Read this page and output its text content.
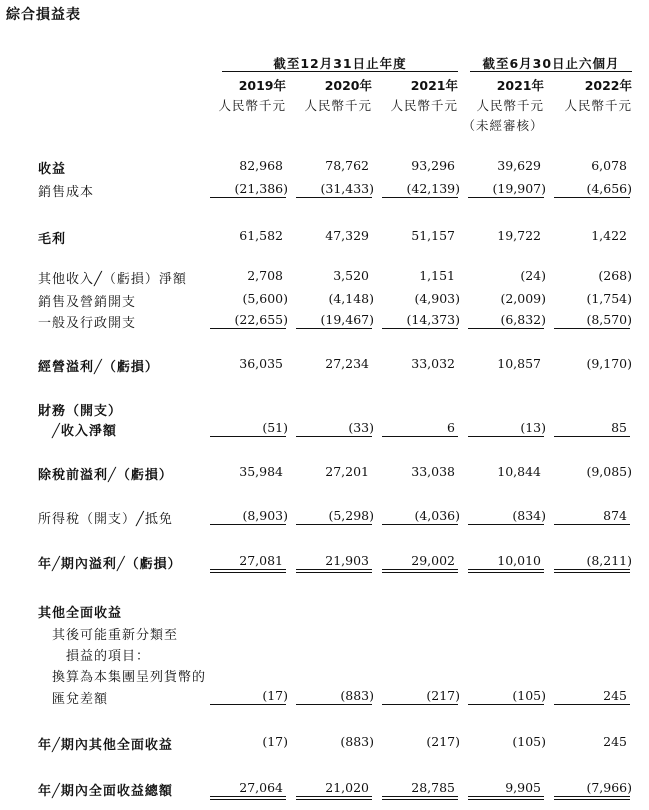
綜合損益表
截至12月31日止年度	截至6月30日止六個月
2019年	2020年	2021年	2021年	2022年
人民幣千元	人民幣千元	人民幣千元	人民幣千元	人民幣千元
（未經審核）
收益	82,968	78,762	93,296	39,629	6,078
銷售成本	(21,386)	(31,433)	(42,139)	(19,907)	(4,656)
毛利	61,582	47,329	51,157	19,722	1,422
其他收入╱（虧損）淨額	2,708	3,520	1,151	(24)	(268)
銷售及營銷開支	(5,600)	(4,148)	(4,903)	(2,009)	(1,754)
一般及行政開支	(22,655)	(19,467)	(14,373)	(6,832)	(8,570)
經營溢利╱（虧損）	36,035	27,234	33,032	10,857	(9,170)
財務（開支）
╱收入淨額	(51)	(33)	6	(13)	85
除稅前溢利╱（虧損）	35,984	27,201	33,038	10,844	(9,085)
所得稅（開支）╱抵免	(8,903)	(5,298)	(4,036)	(834)	874
年╱期內溢利╱（虧損）	27,081	21,903	29,002	10,010	(8,211)
其他全面收益
其後可能重新分類至
損益的項目：
換算為本集團呈列貨幣的
匯兌差額	(17)	(883)	(217)	(105)	245
年╱期內其他全面收益	(17)	(883)	(217)	(105)	245
年╱期內全面收益總額	27,064	21,020	28,785	9,905	(7,966)
